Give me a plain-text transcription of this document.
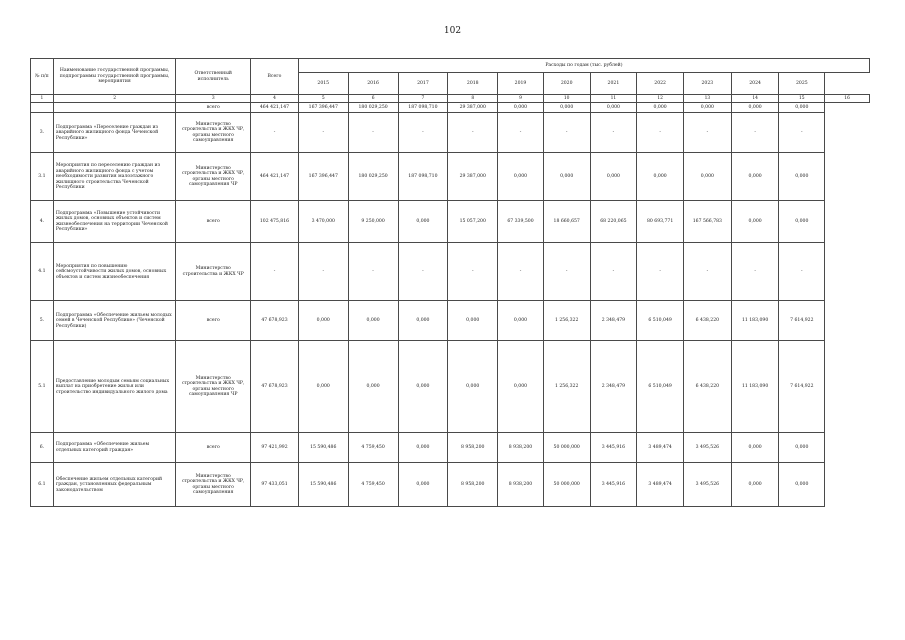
102
№ п/п	Наименование государственной программы, подпрограммы государственной программы, мероприятия	Ответственный исполнитель	Всего	Расходы по годам (тыс. рублей)											
				2015	2016	2017	2018	2019	2020	2021	2022	2023	2024	2025	
1	2	3	4	5	6	7	8	9	10	11	12	13	14	15	16
		всего	464 421,147	167 396,447	180 029,250	187 098,710	29 387,000	0,000	0,000	0,000	0,000	0,000	0,000	0,000	
3.	Подпрограмма «Переселение граждан из аварийного жилищного фонда Чеченской Республики»	Министерство строительства и ЖКХ ЧР, органы местного самоуправления	-	-	-	-	-	-	-	-	-	-	-	-	
3.1	Мероприятия по переселению граждан из аварийного жилищного фонда с учетом необходимости развития малоэтажного жилищного строительства Чеченской Республики	Министерство строительства и ЖКХ ЧР, органы местного самоуправления ЧР	464 421,147	167 396,447	180 029,250	187 098,710	29 387,000	0,000	0,000	0,000	0,000	0,000	0,000	0,000	
4.	Подпрограмма «Повышение устойчивости жилых домов, основных объектов и систем жизнеобеспечения на территории Чеченской Республики»	всего	102 475,816	3 470,000	9 250,000	0,000	15 057,200	67 339,500	18 660,657	68 220,065	80 693,771	167 566,783	0,000	0,000	
4.1	Мероприятия по повышению сейсмоустойчивости жилых домов, основных объектов и систем жизнеобеспечения	Министерство строительства и ЖКХ ЧР	-	-	-	-	-	-	-	-	-	-	-	-	
5.	Подпрограмма «Обеспечение жильем молодых семей в Чеченской Республике» (Чеченской Республики)	всего	47 678,923	0,000	0,000	0,000	0,000	0,000	1 256,322	2 348,479	6 510,049	6 438,220	11 183,090	7 614,922	
5.1	Предоставление молодым семьям социальных выплат на приобретение жилья или строительство индивидуального жилого дома	Министерство строительства и ЖКХ ЧР, органы местного самоуправления ЧР	47 678,923	0,000	0,000	0,000	0,000	0,000	1 256,322	2 348,479	6 510,049	6 438,220	11 183,090	7 614,922	
6.	Подпрограмма «Обеспечение жильем отдельных категорий граждан»	всего	97 421,992	15 590,486	4 759,450	0,000	8 958,200	8 938,200	50 000,000	3 445,916	3 489,474	3 495,526	0,000	0,000	
6.1	Обеспечение жильем отдельных категорий граждан, установленных федеральным законодательством	Министерство строительства и ЖКХ ЧР, органы местного самоуправления	97 433,051	15 590,486	4 759,450	0,000	8 958,200	8 938,200	50 000,000	3 445,916	3 489,474	3 495,526	0,000	0,000	
